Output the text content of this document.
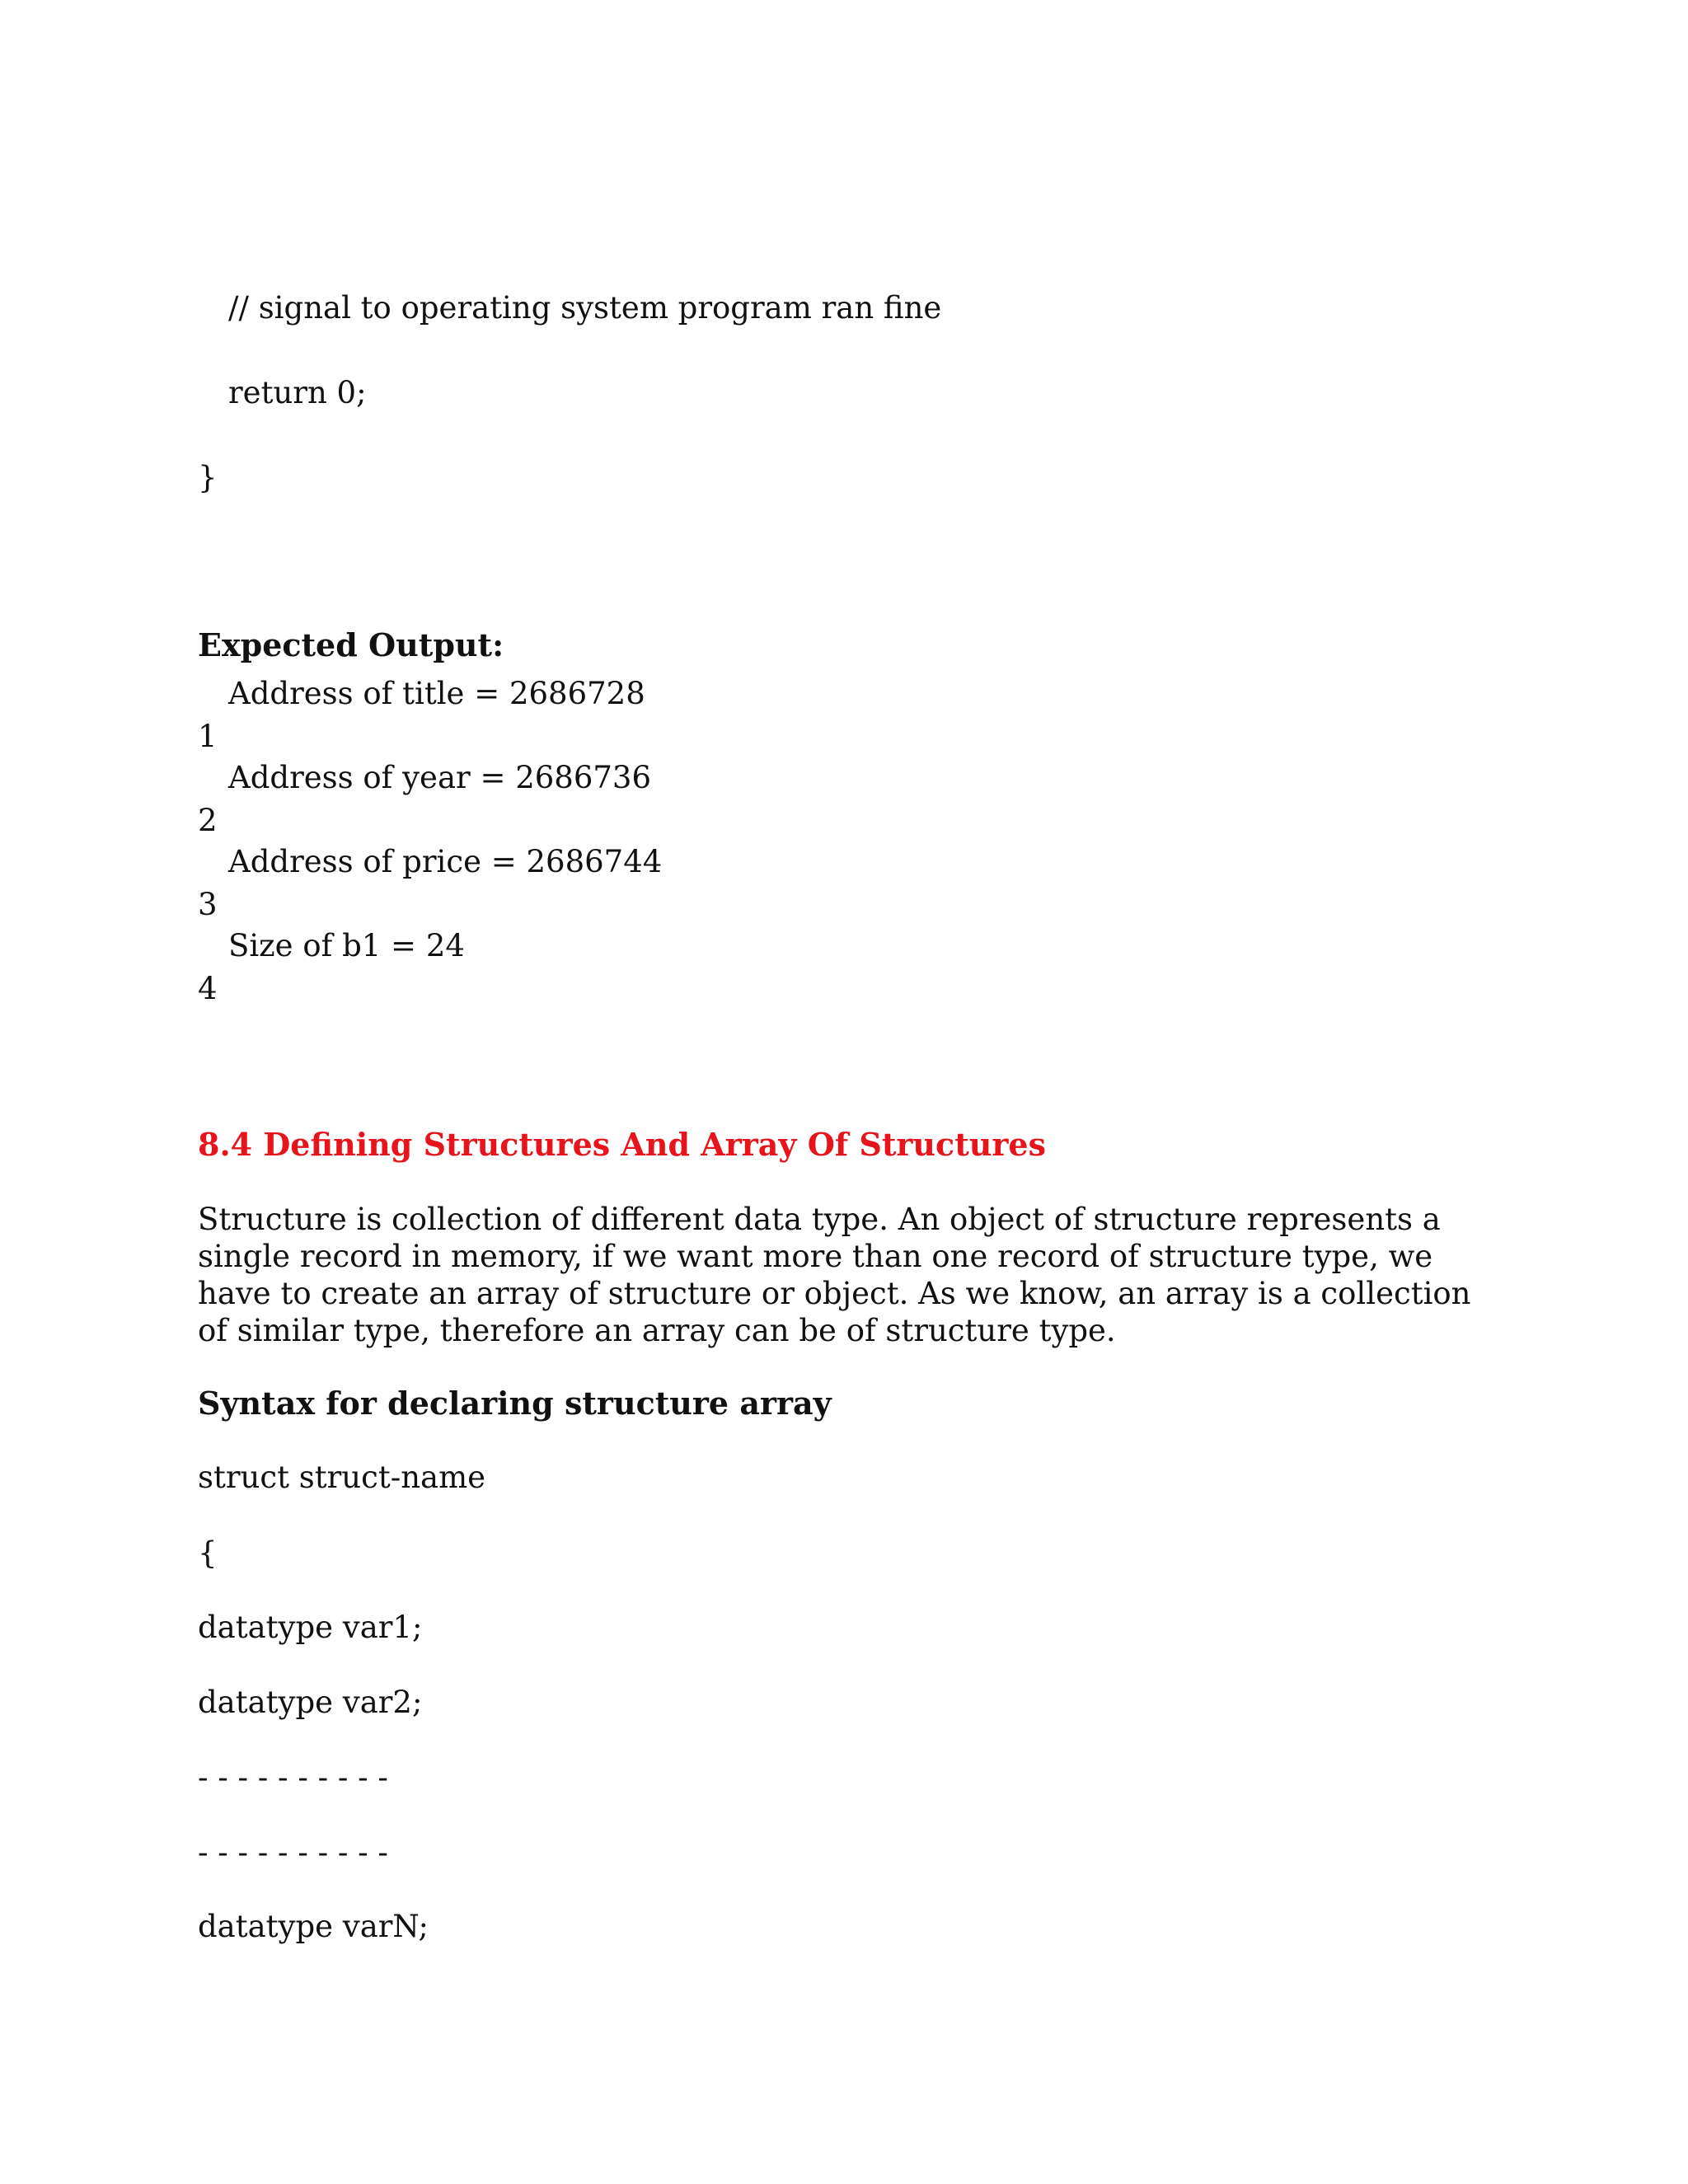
// signal to operating system program ran fine
return 0;
}
Expected Output:
Address of title = 2686728
1
Address of year = 2686736
2
Address of price = 2686744
3
Size of b1 = 24
4
8.4 Defining Structures And Array Of Structures
Structure is collection of different data type. An object of structure represents a single record in memory, if we want more than one record of structure type, we have to create an array of structure or object. As we know, an array is a collection of similar type, therefore an array can be of structure type.
Syntax for declaring structure array
struct struct-name
{
datatype var1;
datatype var2;
- - - - - - - - - -
- - - - - - - - - -
datatype varN;
